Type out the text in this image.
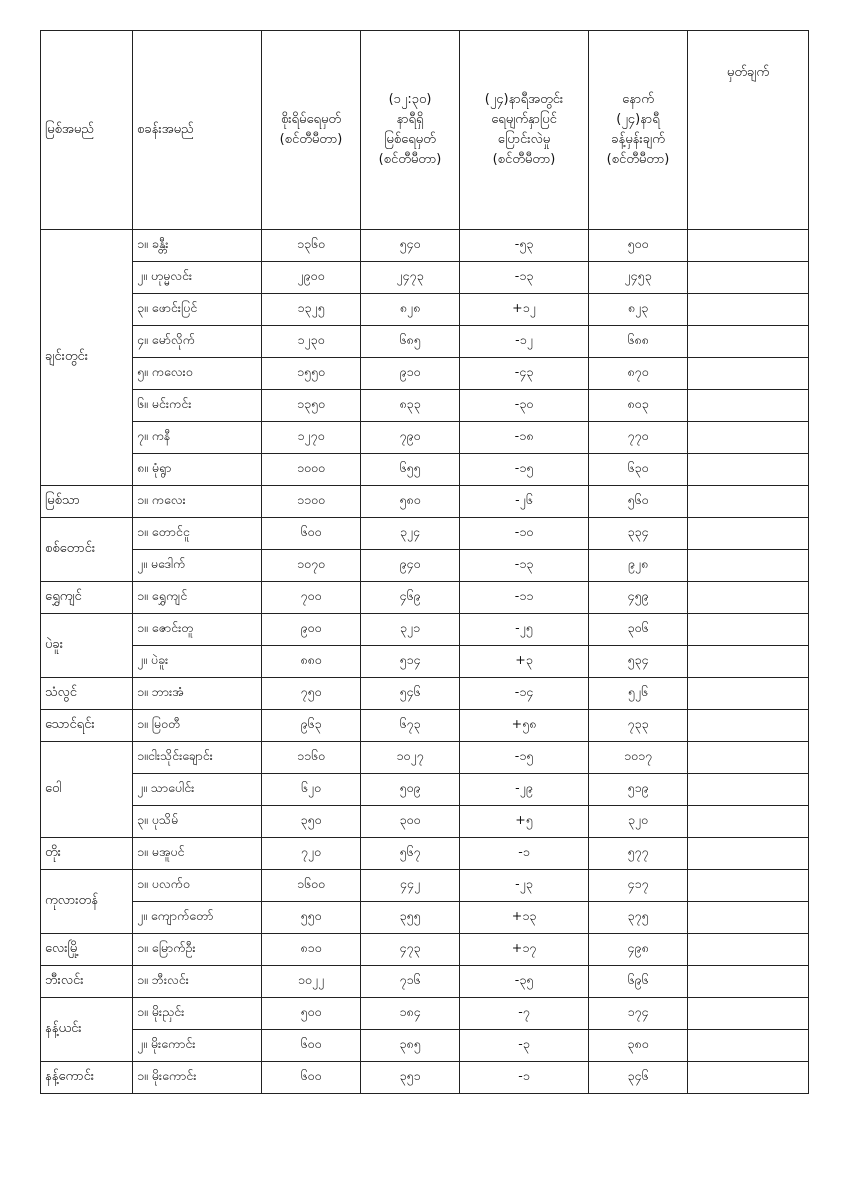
မြစ်အမည်	စခန်းအမည်	စိုးရိမ်ရေမှတ်
(စင်တီမီတာ)	(၁၂:၃၀)
နာရီရှိ
မြစ်ရေမှတ်
(စင်တီမီတာ)	(၂၄)နာရီအတွင်း
ရေမျက်နှာပြင်
ပြောင်းလဲမှု
(စင်တီမီတာ)	နောက်
(၂၄)နာရီ
ခန့်မှန်းချက်
(စင်တီမီတာ)	မှတ်ချက်
ချင်းတွင်း	၁။ ခန္တီး	၁၃၆၀	၅၄၀	-၅၃	၅၀၀	
	၂။ ဟုမ္မလင်း	၂၉၀၀	၂၄၇၃	-၁၃	၂၄၅၃	
	၃။ ဖောင်းပြင်	၁၃၂၅	၈၂၈	+၁၂	၈၂၃	
	၄။ မော်လိုက်	၁၂၃၀	၆၈၅	-၁၂	၆၈၈	
	၅။ ကလေးဝ	၁၅၅၀	၉၁၀	-၄၃	၈၇၀	
	၆။ မင်းကင်း	၁၃၅၀	၈၃၃	-၃၀	၈၀၃	
	၇။ ကနီ	၁၂၇၀	၇၉၀	-၁၈	၇၇၀	
	၈။ မုံရွာ	၁၀၀၀	၆၅၅	-၁၅	၆၃၀	
မြစ်သာ	၁။ ကလေး	၁၁၀၀	၅၈၀	-၂၆	၅၆၀	
စစ်တောင်း	၁။ တောင်ငူ	၆၀၀	၃၂၄	-၁၀	၃၃၄	
	၂။ မဒေါက်	၁၀၇၀	၉၄၀	-၁၃	၉၂၈	
ရွှေကျင်	၁။ ရွှေကျင်	၇၀၀	၄၆၉	-၁၁	၄၅၉	
ပဲခူး	၁။ ဇောင်းတူ	၉၀၀	၃၂၁	-၂၅	၃၀၆	
	၂။ ပဲခူး	၈၈၀	၅၁၄	+၃	၅၃၄	
သံလွင်	၁။ ဘားအံ	၇၅၀	၅၄၆	-၁၄	၅၂၆	
သောင်ရင်း	၁။ မြဝတီ	၉၆၃	၆၇၃	+၅၈	၇၃၃	
ဝေါ	၁။ငါးသိုင်းချောင်း	၁၁၆၀	၁၀၂၇	-၁၅	၁၀၁၇	
	၂။ သာပေါင်း	၆၂၀	၅၀၉	-၂၉	၅၁၉	
	၃။ ပုသိမ်	၃၅၀	၃၀၀	+၅	၃၂၀	
တိုး	၁။ မအူပင်	၇၂၀	၅၆၇	-၁	၅၇၇	
ကုလားတန်	၁။ ပလက်ဝ	၁၆၀၀	၄၄၂	-၂၃	၄၁၇	
	၂။ ကျောက်တော်	၅၅၀	၃၅၅	+၁၃	၃၇၅	
လေးမြို့	၁။ မြောက်ဦး	၈၁၀	၄၇၃	+၁၇	၄၉၈	
ဘီးလင်း	၁။ ဘီးလင်း	၁၀၂၂	၇၁၆	-၃၅	၆၉၆	
နန့်ယင်း	၁။ မိုးညှင်း	၅၀၀	၁၈၄	-၇	၁၇၄	
	၂။ မိုးကောင်း	၆၀၀	၃၈၅	-၃	၃၈၀	
နန့်ကောင်း	၁။ မိုးကောင်း	၆၀၀	၃၅၁	-၁	၃၄၆	
